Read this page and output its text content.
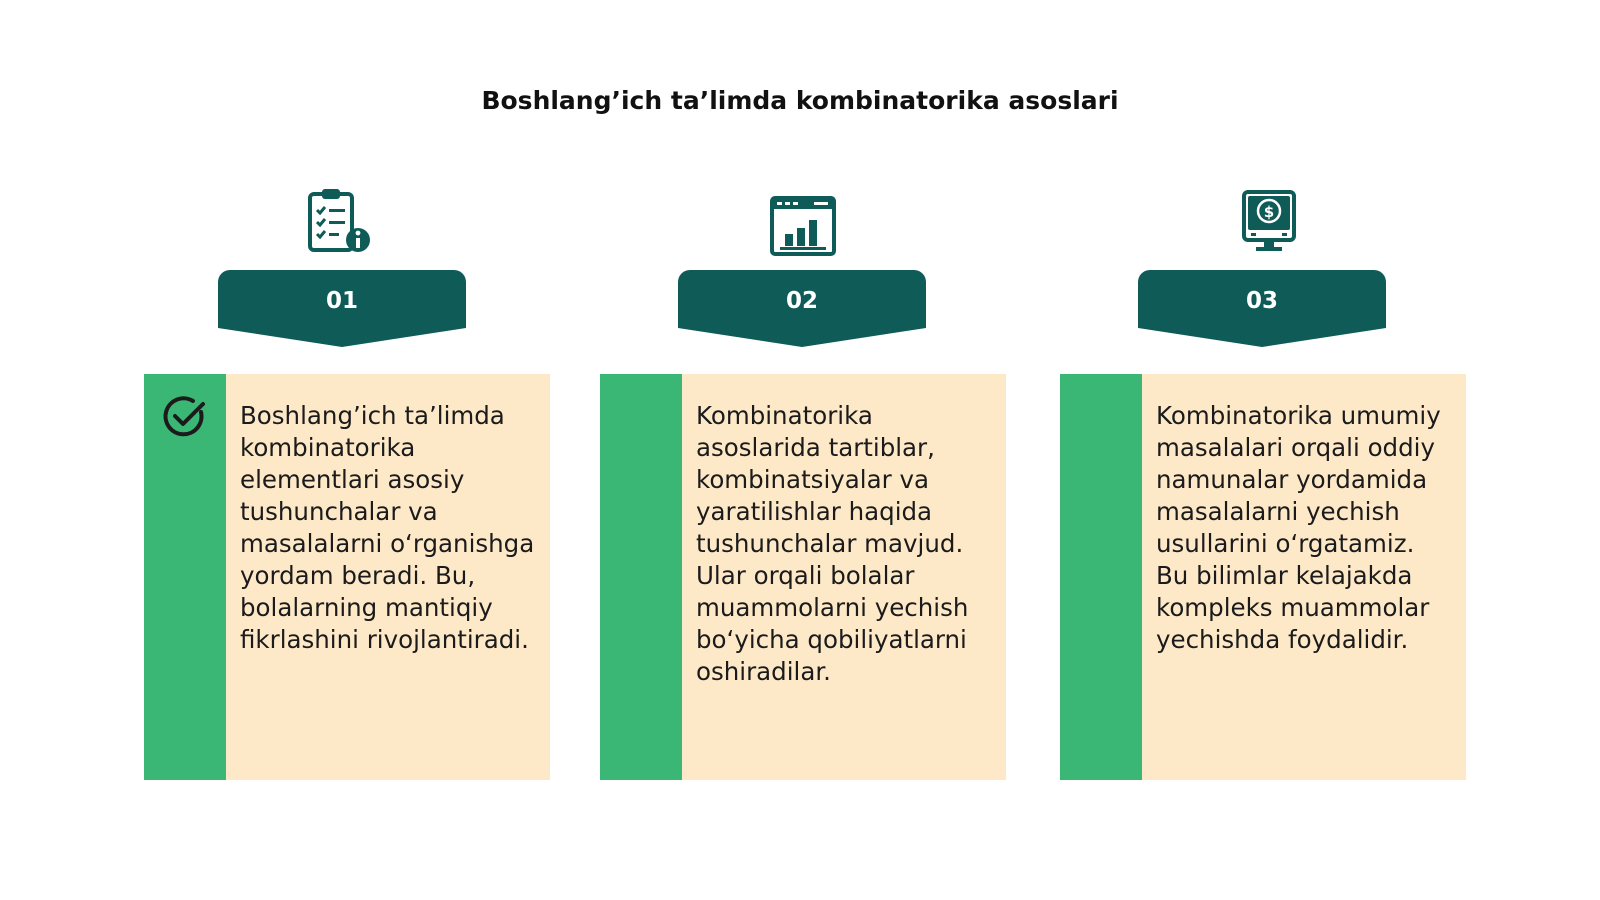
Boshlang’ich ta’limda kombinatorika asoslari
01
Boshlang’ich ta’limda kombinatorika elementlari asosiy tushunchalar va masalalarni o‘rganishga yordam beradi. Bu, bolalarning mantiqiy fikrlashini rivojlantiradi.
02
Kombinatorika asoslarida tartiblar, kombinatsiyalar va yaratilishlar haqida tushunchalar mavjud. Ular orqali bolalar muammolarni yechish bo‘yicha qobiliyatlarni oshiradilar.
$
03
Kombinatorika umumiy masalalari orqali oddiy namunalar yordamida masalalarni yechish usullarini o‘rgatamiz. Bu bilimlar kelajakda kompleks muammolar yechishda foydalidir.
